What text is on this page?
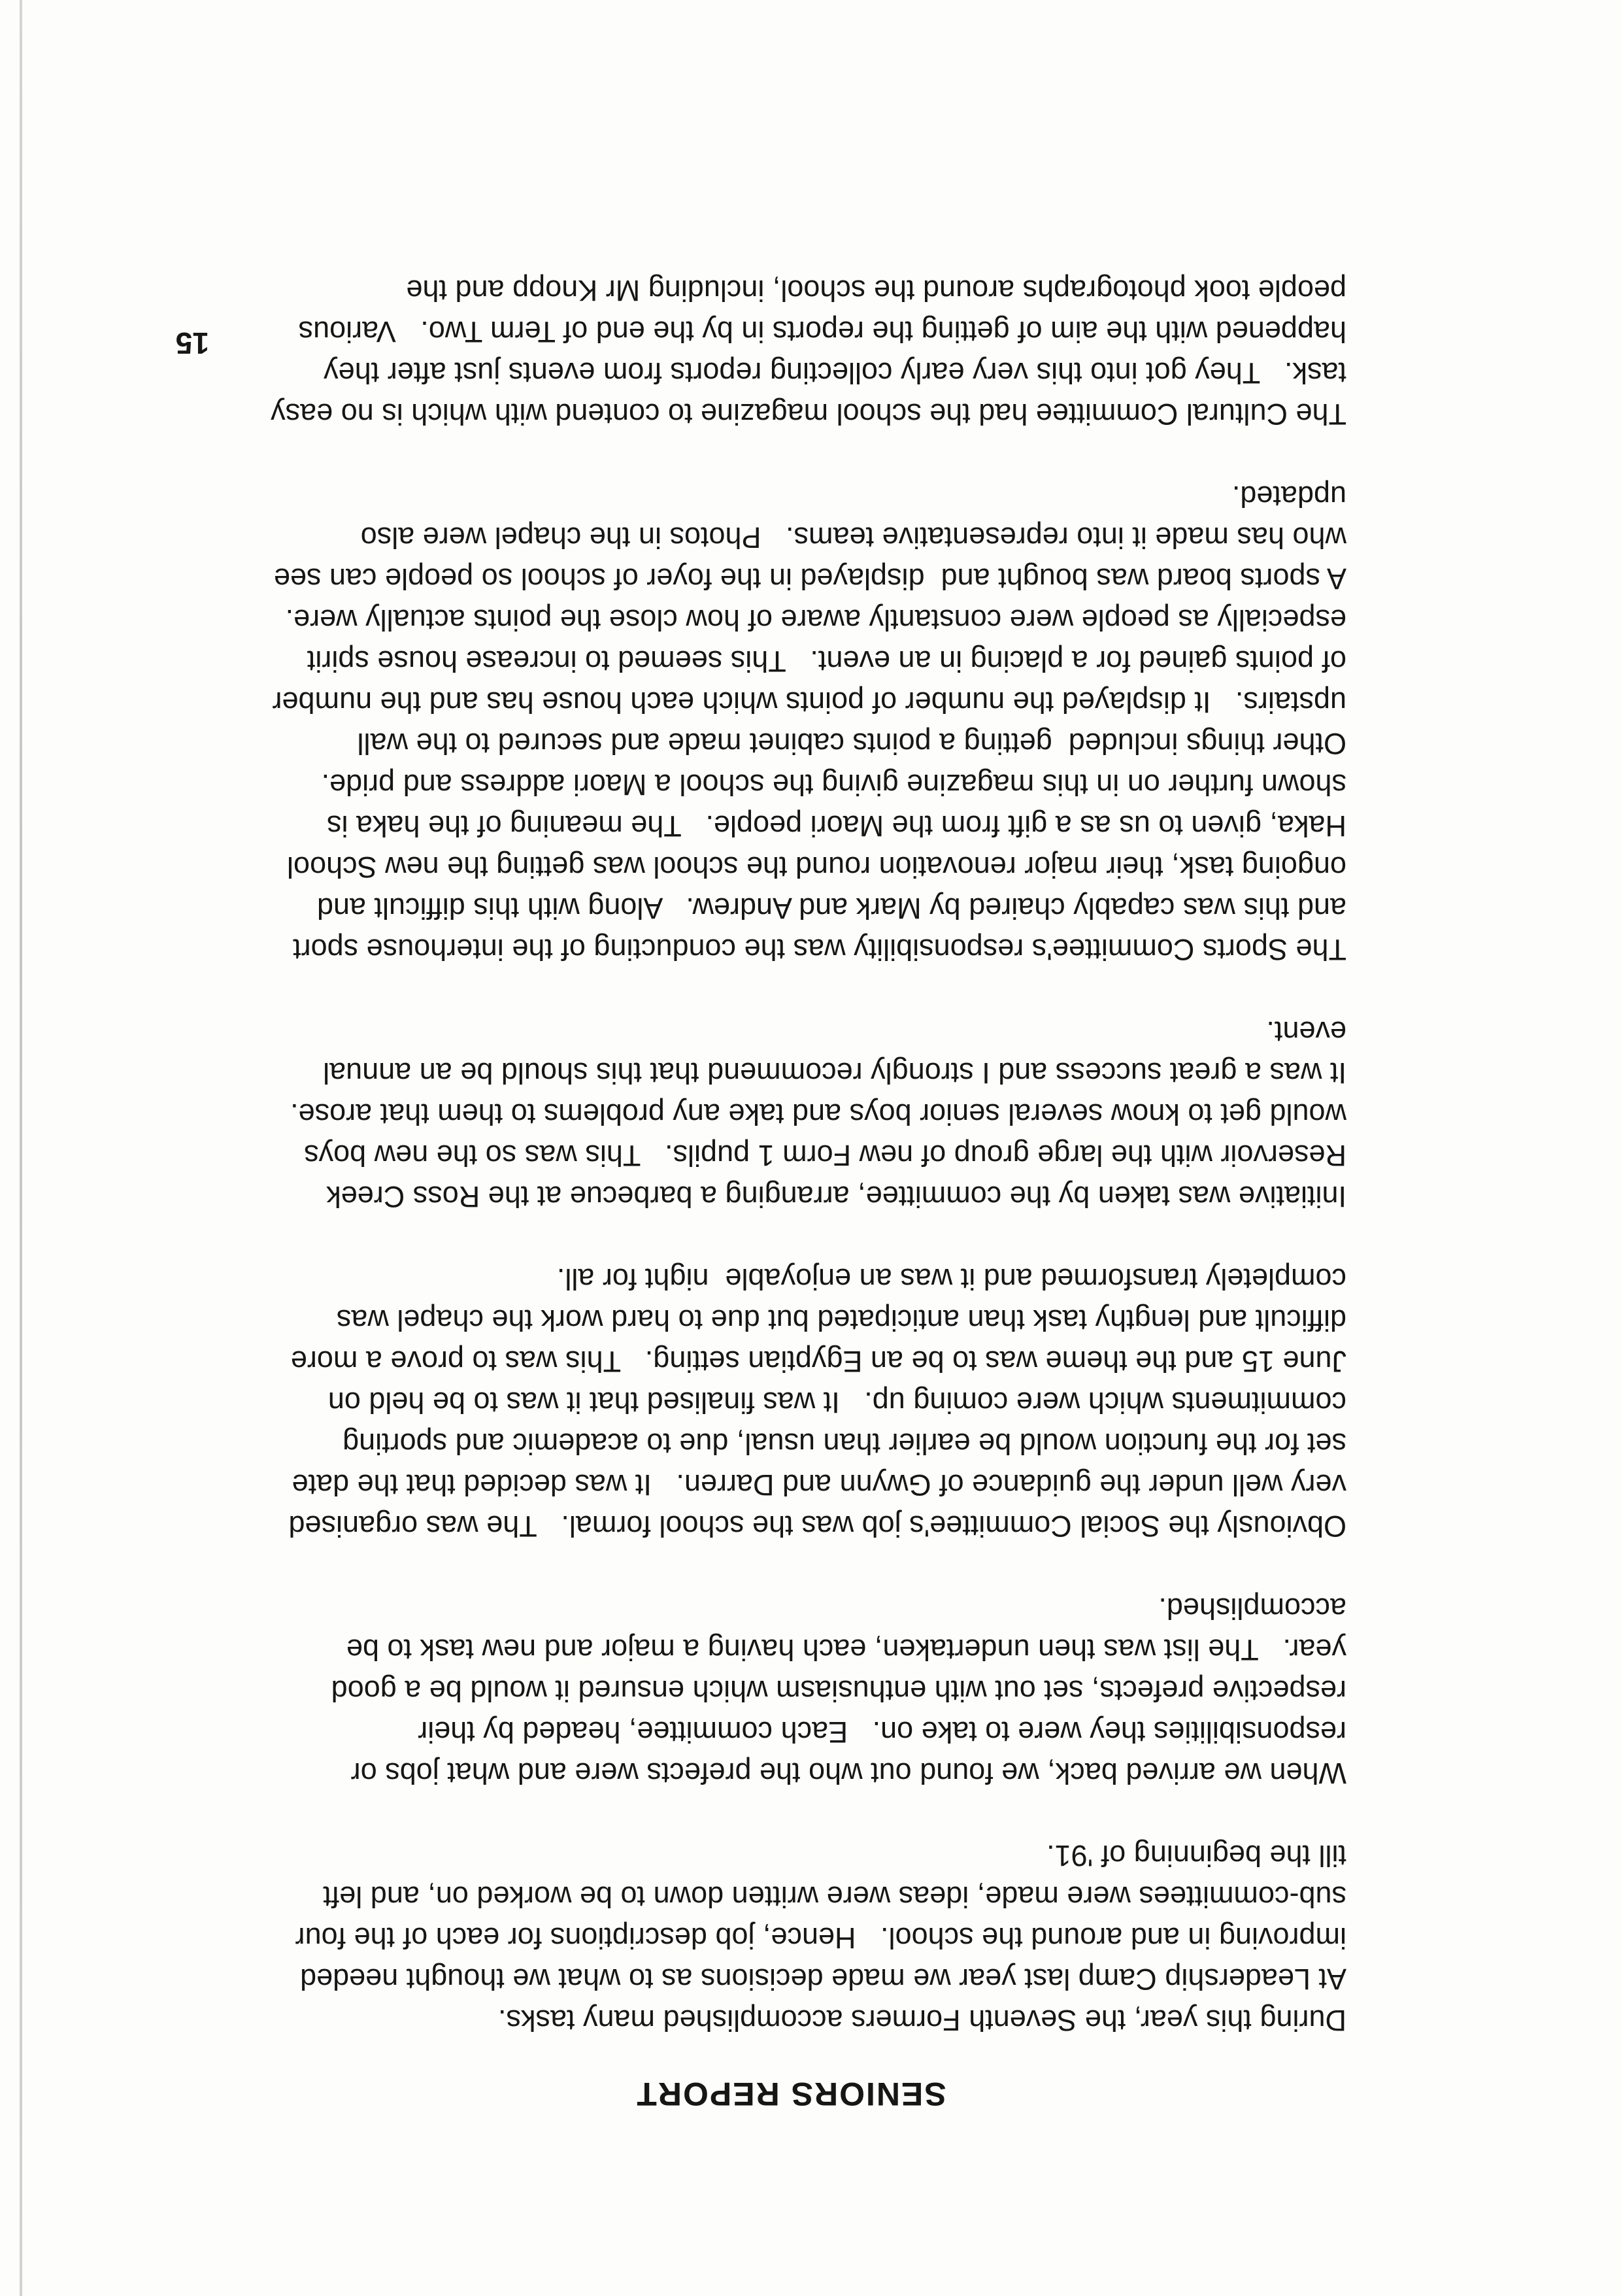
SENIORS REPORT

During this year, the Seventh Formers accomplished many tasks.
At Leadership Camp last year we made decisions as to what we thought needed
improving in and around the school.   Hence, job descriptions for each of the four
sub-committees were made, ideas were written down to be worked on, and left
till the beginning of '91.

When we arrived back, we found out who the prefects were and what jobs or
responsibilities they were to take on.   Each committee, headed by their
respective prefects, set out with enthusiasm which ensured it would be a good
year.   The list was then undertaken, each having a major and new task to be
accomplished.

Obviously the Social Committee's job was the school formal.   The was organised
very well under the guidance of Gwynn and Darren.   It was decided that the date
set for the function would be earlier than usual, due to academic and sporting
commitments which were coming up.   It was finalised that it was to be held on
June 15 and the theme was to be an Egyptian setting.   This was to prove a more
difficult and lengthy task than anticipated but due to hard work the chapel was
completely transformed and it was an enjoyable  night for all.

Initiative was taken by the committee, arranging a barbecue at the Ross Creek
Reservoir with the large group of new Form 1 pupils.   This was so the new boys
would get to know several senior boys and take any problems to them that arose.
It was a great success and I strongly recommend that this should be an annual
event.

The Sports Committee's responsibility was the conducting of the interhouse sport
and this was capably chaired by Mark and Andrew.   Along with this difficult and
ongoing task, their major renovation round the school was getting the new School
Haka, given to us as a gift from the Maori people.   The meaning of the haka is
shown further on in this magazine giving the school a Maori address and pride.
Other things included  getting a points cabinet made and secured to the wall
upstairs.   It displayed the number of points which each house has and the number
of points gained for a placing in an event.   This seemed to increase house spirit
especially as people were constantly aware of how close the points actually were.
A sports board was bought and  displayed in the foyer of school so people can see
who has made it into representative teams.   Photos in the chapel were also
updated.

The Cultural Committee had the school magazine to contend with which is no easy
task.   They got into this very early collecting reports from events just after they
happened with the aim of getting the reports in by the end of Term Two.   Various
people took photographs around the school, including Mr Knopp and the

15
